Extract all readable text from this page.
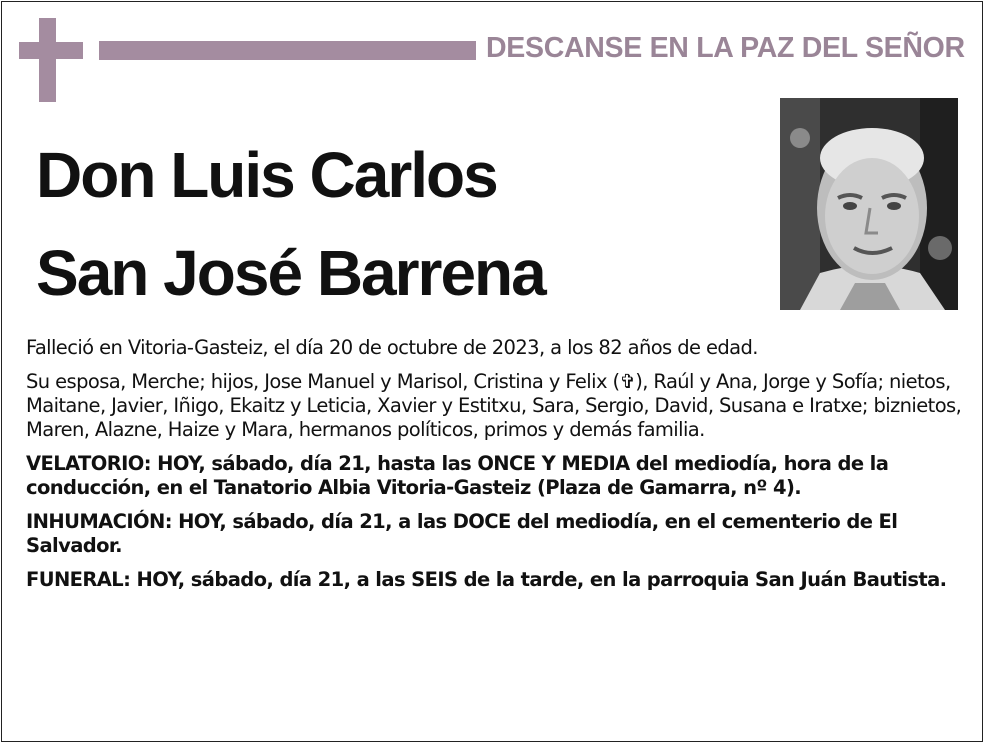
DESCANSE EN LA PAZ DEL SEÑOR
Don Luis Carlos
San José Barrena

Falleció en Vitoria-Gasteiz, el día 20 de octubre de 2023, a los 82 años de edad.

Su esposa, Merche; hijos, Jose Manuel y Marisol, Cristina y Felix (✞), Raúl y Ana, Jorge y Sofía; nietos, Maitane, Javier, Iñigo, Ekaitz y Leticia, Xavier y Estitxu, Sara, Sergio, David, Susana e Iratxe; biznietos, Maren, Alazne, Haize y Mara, hermanos políticos, primos y demás familia.

VELATORIO: HOY, sábado, día 21, hasta las ONCE Y MEDIA del mediodía, hora de la conducción, en el Tanatorio Albia Vitoria-Gasteiz (Plaza de Gamarra, nº 4).

INHUMACIÓN: HOY, sábado, día 21, a las DOCE del mediodía, en el cementerio de El Salvador.

FUNERAL: HOY, sábado, día 21, a las SEIS de la tarde, en la parroquia San Juán Bautista.
